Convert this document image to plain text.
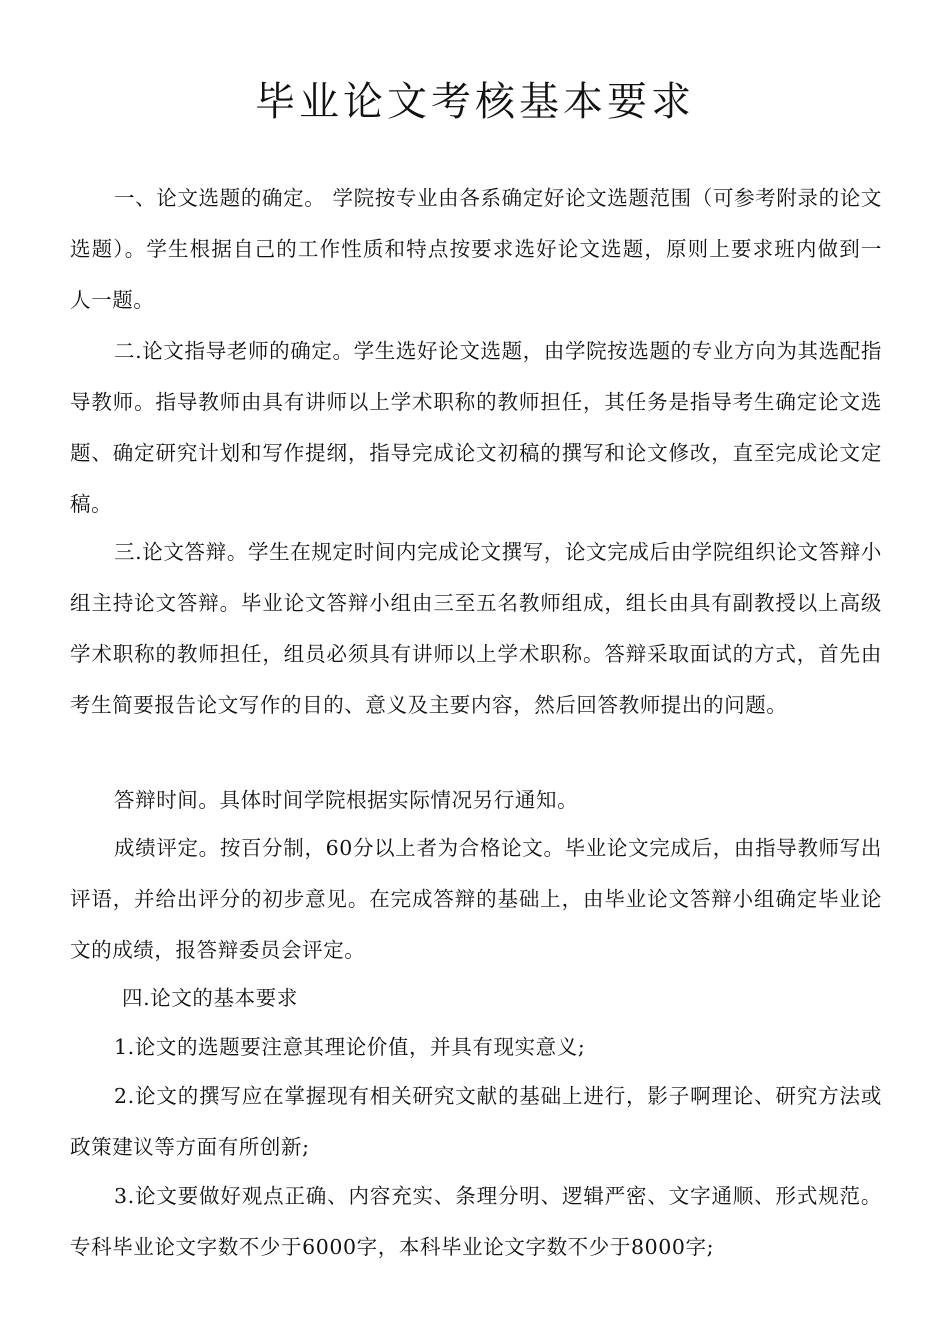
毕业论文考核基本要求

一、论文选题的确定。 学院按专业由各系确定好论文选题范围（可参考附录的论文选题）。学生根据自己的工作性质和特点按要求选好论文选题，原则上要求班内做到一人一题。

二.论文指导老师的确定。学生选好论文选题，由学院按选题的专业方向为其选配指导教师。指导教师由具有讲师以上学术职称的教师担任，其任务是指导考生确定论文选题、确定研究计划和写作提纲，指导完成论文初稿的撰写和论文修改，直至完成论文定稿。

三.论文答辩。学生在规定时间内完成论文撰写，论文完成后由学院组织论文答辩小组主持论文答辩。毕业论文答辩小组由三至五名教师组成，组长由具有副教授以上高级学术职称的教师担任，组员必须具有讲师以上学术职称。答辩采取面试的方式，首先由考生简要报告论文写作的目的、意义及主要内容，然后回答教师提出的问题。

答辩时间。具体时间学院根据实际情况另行通知。

成绩评定。按百分制，60分以上者为合格论文。毕业论文完成后，由指导教师写出评语，并给出评分的初步意见。在完成答辩的基础上，由毕业论文答辩小组确定毕业论文的成绩，报答辩委员会评定。

四.论文的基本要求

1.论文的选题要注意其理论价值，并具有现实意义;

2.论文的撰写应在掌握现有相关研究文献的基础上进行，影子啊理论、研究方法或政策建议等方面有所创新;

3.论文要做好观点正确、内容充实、条理分明、逻辑严密、文字通顺、形式规范。专科毕业论文字数不少于6000字，本科毕业论文字数不少于8000字;
